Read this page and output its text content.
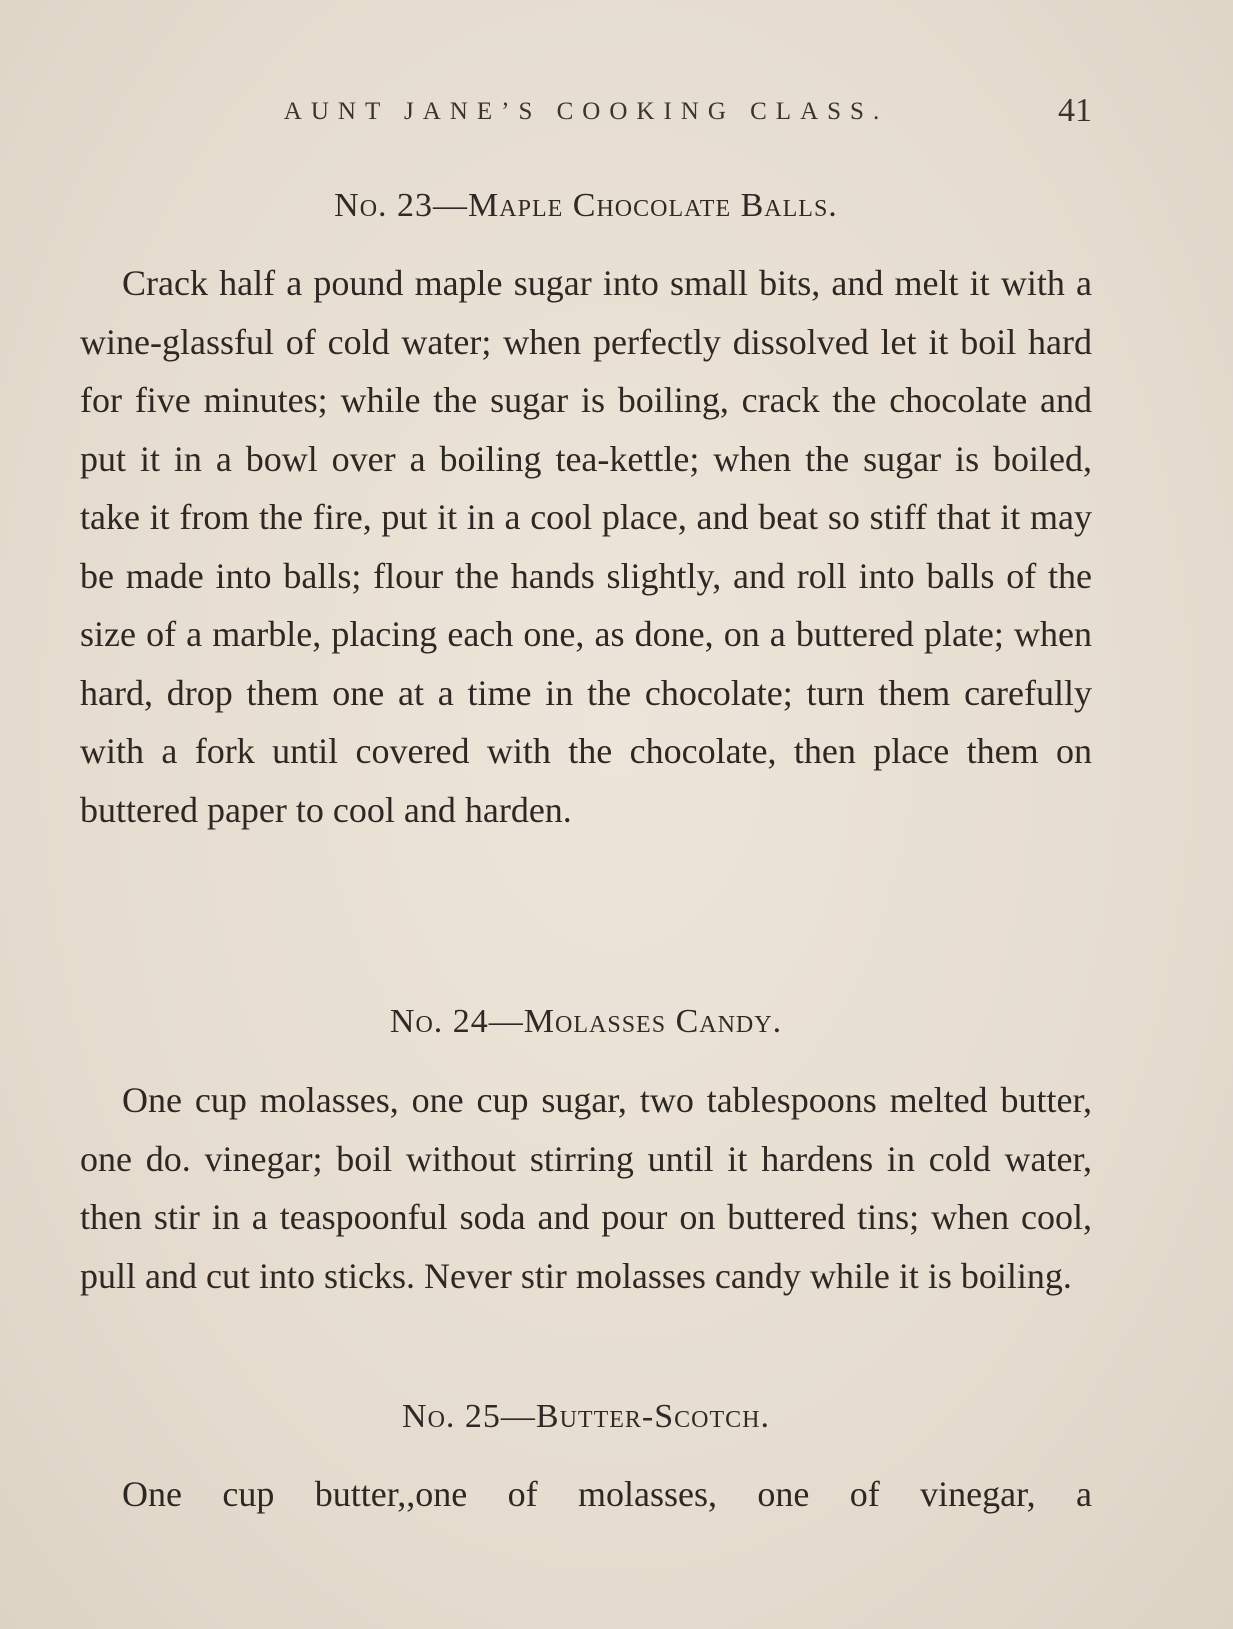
AUNT JANE’S COOKING CLASS.	41
No. 23—Maple Chocolate Balls.

Crack half a pound maple sugar into small bits, and melt it with a wine-glassful of cold water; when perfectly dissolved let it boil hard for five minutes; while the sugar is boiling, crack the chocolate and put it in a bowl over a boiling tea-kettle; when the sugar is boiled, take it from the fire, put it in a cool place, and beat so stiff that it may be made into balls; flour the hands slightly, and roll into balls of the size of a marble, placing each one, as done, on a buttered plate; when hard, drop them one at a time in the chocolate; turn them carefully with a fork until covered with the chocolate, then place them on buttered paper to cool and harden.

No. 24—Molasses Candy.

One cup molasses, one cup sugar, two tablespoons melted butter, one do. vinegar; boil without stirring until it hardens in cold water, then stir in a teaspoonful soda and pour on buttered tins; when cool, pull and cut into sticks. Never stir molasses candy while it is boiling.

No. 25—Butter-Scotch.

One cup butter,,one of molasses, one of vinegar, a
